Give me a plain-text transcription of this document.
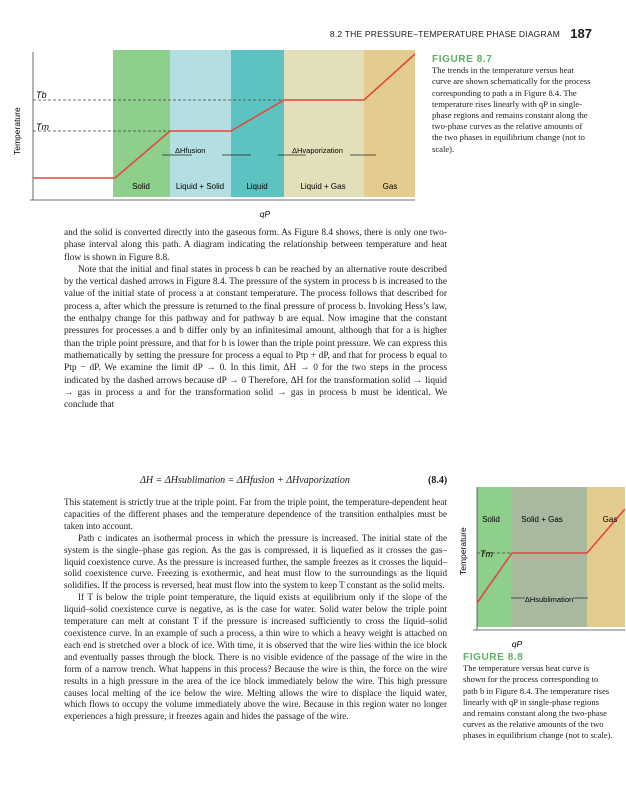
8.2 THE PRESSURE–TEMPERATURE PHASE DIAGRAM 187
Tb
Tm
Temperature	ΔHfusion	ΔHvaporization
Solid	Liquid + Solid	Liquid	Liquid + Gas	Gas
qP
FIGURE 8.7
The trends in the temperature versus heat curve are shown schematically for the process corresponding to path a in Figure 8.4. The temperature rises linearly with qP in single-phase regions and remains constant along the two-phase curves as the relative amounts of the two phases in equilibrium change (not to scale).

and the solid is converted directly into the gaseous form. As Figure 8.4 shows, there is only one two-phase interval along this path. A diagram indicating the relationship between temperature and heat flow is shown in Figure 8.8.

Note that the initial and final states in process b can be reached by an alternative route described by the vertical dashed arrows in Figure 8.4. The pressure of the system in process b is increased to the value of the initial state of process a at constant temperature. The process follows that described for process a, after which the pressure is returned to the final pressure of process b. Invoking Hess’s law, the enthalpy change for this pathway and for pathway b are equal. Now imagine that the constant pressures for processes a and b differ only by an infinitesimal amount, although that for a is higher than the triple point pressure, and that for b is lower than the triple point pressure. We can express this mathematically by setting the pressure for process a equal to Ptp + dP, and that for process b equal to Ptp − dP. We examine the limit dP → 0. In this limit, ΔH → 0 for the two steps in the process indicated by the dashed arrows because dP → 0 Therefore, ΔH for the transformation solid → liquid → gas in process a and for the transformation solid → gas in process b must be identical. We conclude that

ΔH = ΔHsublimation = ΔHfusion + ΔHvaporization	(8.4)

This statement is strictly true at the triple point. Far from the triple point, the temperature-dependent heat capacities of the different phases and the temperature dependence of the transition enthalpies must be taken into account.

Path c indicates an isothermal process in which the pressure is increased. The initial state of the system is the single–phase gas region. As the gas is compressed, it is liquefied as it crosses the gas–liquid coexistence curve. As the pressure is increased further, the sample freezes as it crosses the liquid–solid coexistence curve. Freezing is exothermic, and heat must flow to the surroundings as the liquid solidifies. If the process is reversed, heat must flow into the system to keep T constant as the solid melts.

If T is below the triple point temperature, the liquid exists at equilibrium only if the slope of the liquid–solid coexistence curve is negative, as is the case for water. Solid water below the triple point temperature can melt at constant T if the pressure is increased sufficiently to cross the liquid–solid coexistence curve. In an example of such a process, a thin wire to which a heavy weight is attached on each end is stretched over a block of ice. With time, it is observed that the wire lies within the ice block and eventually passes through the block. There is no visible evidence of the passage of the wire in the form of a narrow trench. What happens in this process? Because the wire is thin, the force on the wire results in a high pressure in the area of the ice block immediately below the wire. This high pressure causes local melting of the ice below the wire. Melting allows the wire to displace the liquid water, which flows to occupy the volume immediately above the wire. Because in this region water no longer experiences a high pressure, it freezes again and hides the passage of the wire.

Solid	Solid + Gas	Gas
Tm
Temperature
ΔHsublimation
qP
FIGURE 8.8
The temperature versus heat curve is shown for the process corresponding to path b in Figure 8.4. The temperature rises linearly with qP in single-phase regions and remains constant along the two-phase curves as the relative amounts of the two phases in equilibrium change (not to scale).
